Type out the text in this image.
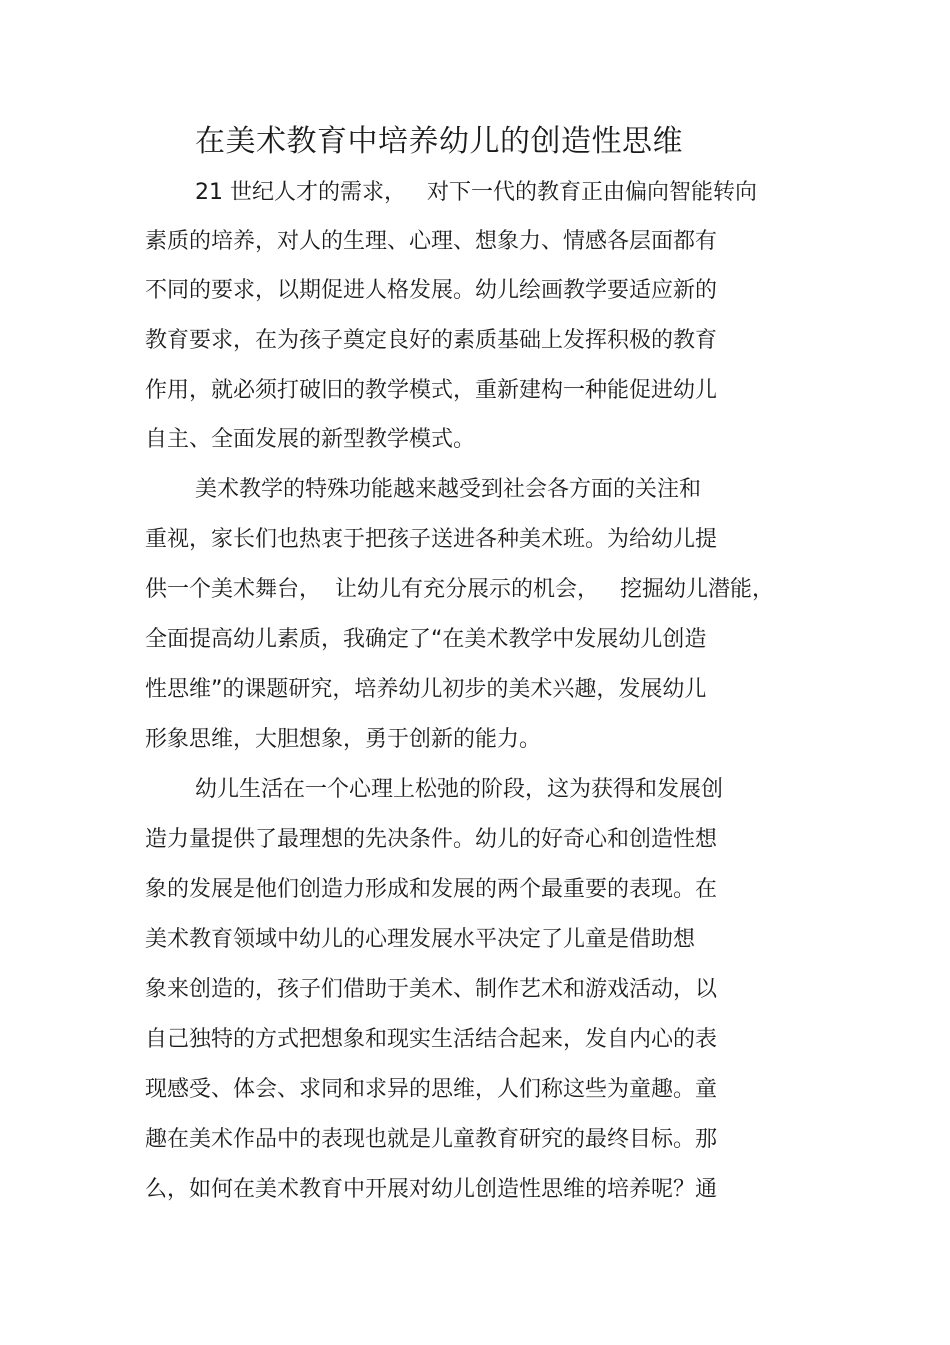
在美术教育中培养幼儿的创造性思维
21 世纪人才的需求，   对下一代的教育正由偏向智能转向
素质的培养，对人的生理、心理、想象力、情感各层面都有
不同的要求，以期促进人格发展。幼儿绘画教学要适应新的
教育要求，在为孩子奠定良好的素质基础上发挥积极的教育
作用，就必须打破旧的教学模式，重新建构一种能促进幼儿
自主、全面发展的新型教学模式。
美术教学的特殊功能越来越受到社会各方面的关注和
重视，家长们也热衷于把孩子送进各种美术班。为给幼儿提
供一个美术舞台，  让幼儿有充分展示的机会，   挖掘幼儿潜能，
全面提高幼儿素质，我确定了“在美术教学中发展幼儿创造
性思维”的课题研究，培养幼儿初步的美术兴趣，发展幼儿
形象思维，大胆想象，勇于创新的能力。
幼儿生活在一个心理上松弛的阶段，这为获得和发展创
造力量提供了最理想的先决条件。幼儿的好奇心和创造性想
象的发展是他们创造力形成和发展的两个最重要的表现。在
美术教育领域中幼儿的心理发展水平决定了儿童是借助想
象来创造的，孩子们借助于美术、制作艺术和游戏活动，以
自己独特的方式把想象和现实生活结合起来，发自内心的表
现感受、体会、求同和求异的思维，人们称这些为童趣。童
趣在美术作品中的表现也就是儿童教育研究的最终目标。那
么，如何在美术教育中开展对幼儿创造性思维的培养呢？通
